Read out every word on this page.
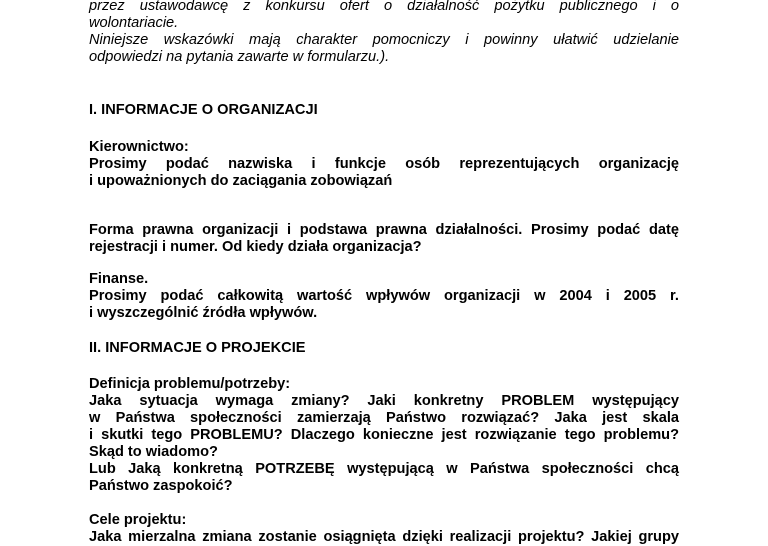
przez ustawodawcę z konkursu ofert o działalność pożytku publicznego i o
wolontariacie.
Niniejsze wskazówki mają charakter pomocniczy i powinny ułatwić udzielanie
odpowiedzi na pytania zawarte w formularzu.).
I. INFORMACJE O ORGANIZACJI
Kierownictwo:
Prosimy podać nazwiska i funkcje osób reprezentujących organizację
i upoważnionych do zaciągania zobowiązań
Forma prawna organizacji i podstawa prawna działalności. Prosimy podać datę
rejestracji i numer. Od kiedy działa organizacja?
Finanse.
Prosimy podać całkowitą wartość wpływów organizacji w 2004 i 2005 r.
i wyszczególnić źródła wpływów.
II. INFORMACJE O PROJEKCIE
Definicja problemu/potrzeby:
Jaka sytuacja wymaga zmiany? Jaki konkretny PROBLEM występujący
w Państwa społeczności zamierzają Państwo rozwiązać? Jaka jest skala
i skutki tego PROBLEMU? Dlaczego konieczne jest rozwiązanie tego problemu?
Skąd to wiadomo?
Lub Jaką konkretną POTRZEBĘ występującą w Państwa społeczności chcą
Państwo zaspokoić?
Cele projektu:
Jaka mierzalna zmiana zostanie osiągnięta dzięki realizacji projektu? Jakiej grupy
